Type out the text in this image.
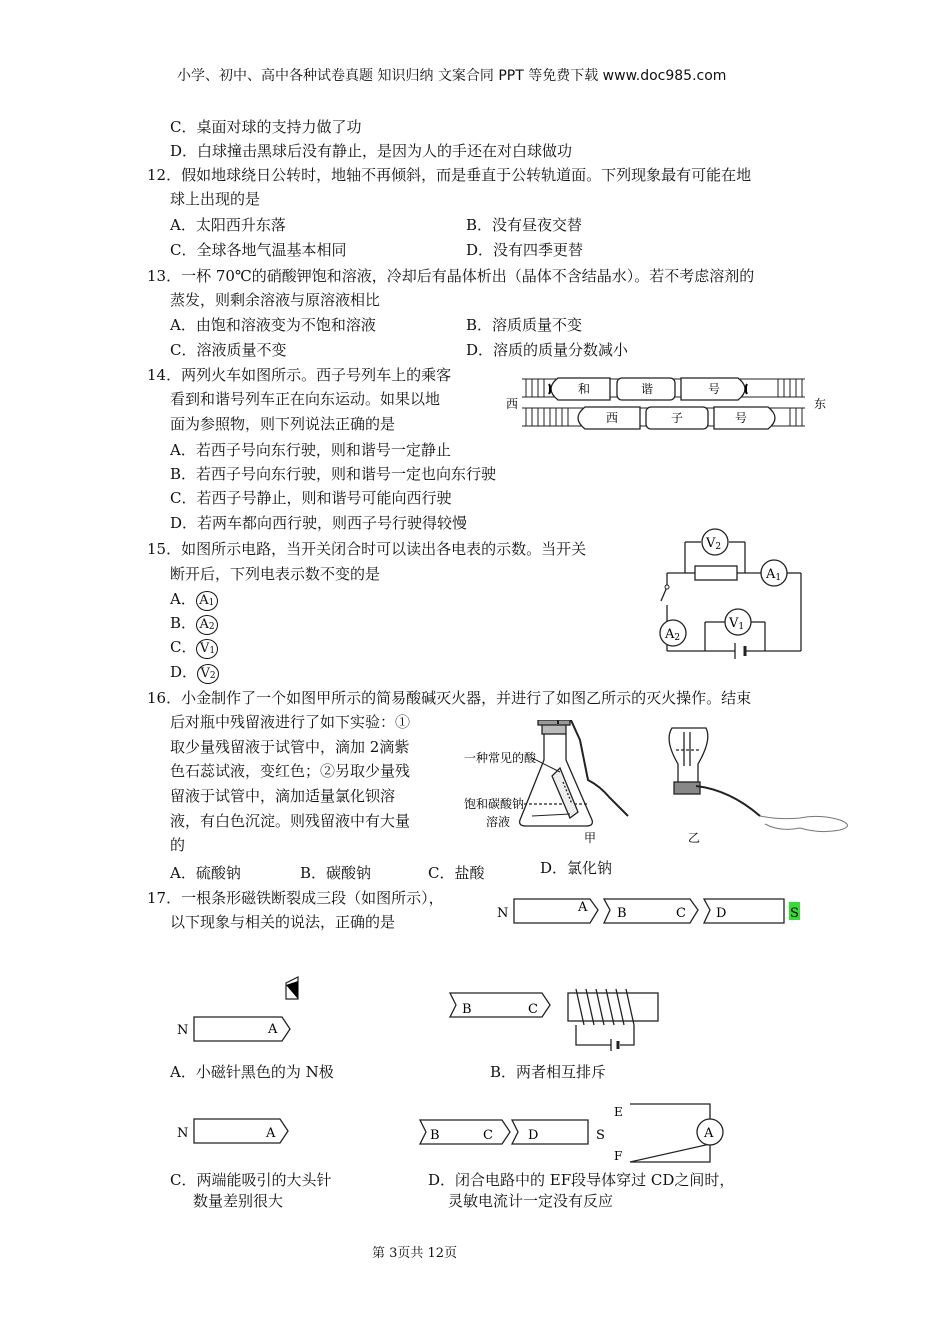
小学、初中、高中各种试卷真题 知识归纳 文案合同 PPT 等免费下载 www.doc985.com
C．桌面对球的支持力做了功
D．白球撞击黑球后没有静止，是因为人的手还在对白球做功
12．假如地球绕日公转时，地轴不再倾斜，而是垂直于公转轨道面。下列现象最有可能在地
球上出现的是
A．太阳西升东落	B．没有昼夜交替
C．全球各地气温基本相同	D．没有四季更替
13．一杯 70℃的硝酸钾饱和溶液，冷却后有晶体析出（晶体不含结晶水）。若不考虑溶剂的
蒸发，则剩余溶液与原溶液相比
A．由饱和溶液变为不饱和溶液	B．溶质质量不变
C．溶液质量不变	D．溶质的质量分数减小
14．两列火车如图所示。西子号列车上的乘客
看到和谐号列车正在向东运动。如果以地
面为参照物，则下列说法正确的是
A．若西子号向东行驶，则和谐号一定静止
B．若西子号向东行驶，则和谐号一定也向东行驶
C．若西子号静止，则和谐号可能向西行驶
D．若两车都向西行驶，则西子号行驶得较慢
西	东
和	谐	号
西	子	号
15．如图所示电路，当开关闭合时可以读出各电表的示数。当开关
断开后，下列电表示数不变的是
A． $A_1$
B． $A_2$
C． $V_1$
D． $V_2$
V2
A1
V1
A2
16．小金制作了一个如图甲所示的简易酸碱灭火器，并进行了如图乙所示的灭火操作。结束
后对瓶中残留液进行了如下实验：①
取少量残留液于试管中，滴加 2滴紫
色石蕊试液，变红色；②另取少量残
留液于试管中，滴加适量氯化钡溶
液，有白色沉淀。则残留液中有大量
的
A．硫酸钠	B．碳酸钠	C．盐酸	D．氯化钠
一种常见的酸
饱和碳酸钠
溶液
甲	乙
17．一根条形磁铁断裂成三段（如图所示），
以下现象与相关的说法，正确的是	N	A B	C D	S
N	A
A．小磁针黑色的为 N极
B	C
B．两者相互排斥
N	A
C．两端能吸引的大头针
数量差别很大
B	C	D	S
E
F
A
D．闭合电路中的 EF段导体穿过 CD之间时，
灵敏电流计一定没有反应
第 3页共 12页
